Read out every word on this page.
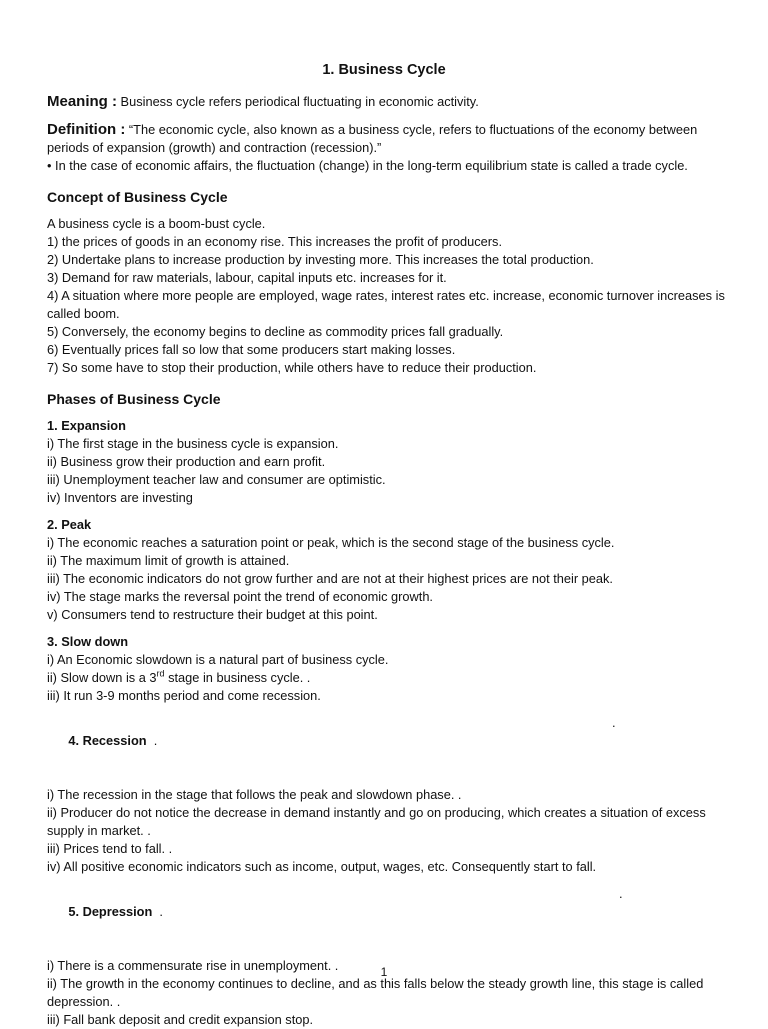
1. Business Cycle
Meaning : Business cycle refers periodical fluctuating in economic activity.
Definition : “The economic cycle, also known as a business cycle, refers to fluctuations of the economy between periods of expansion (growth) and contraction (recession).”
• In the case of economic affairs, the fluctuation (change) in the long-term equilibrium state is called a trade cycle.
Concept of Business Cycle
A business cycle is a boom-bust cycle.
1) the prices of goods in an economy rise. This increases the profit of producers.
2) Undertake plans to increase production by investing more. This increases the total production.
3) Demand for raw materials, labour, capital inputs etc. increases for it.
4) A situation where more people are employed, wage rates, interest rates etc. increase, economic turnover increases is called boom.
5) Conversely, the economy begins to decline as commodity prices fall gradually.
6) Eventually prices fall so low that some producers start making losses.
7) So some have to stop their production, while others have to reduce their production.
Phases of Business Cycle
1. Expansion
i) The first stage in the business cycle is expansion.
ii) Business grow their production and earn profit.
iii) Unemployment teacher law and consumer are optimistic.
iv) Inventors are investing
2. Peak
i) The economic reaches a saturation point or peak, which is the second stage of the business cycle.
ii) The maximum limit of growth is attained.
iii) The economic indicators do not grow further and are not at their highest prices are not their peak.
iv) The stage marks the reversal point the trend of economic growth.
v) Consumers tend to restructure their budget at this point.
3. Slow down
i) An Economic slowdown is a natural part of business cycle.
ii) Slow down is a 3rd stage in business cycle. .
iii) It run 3-9 months period and come recession.

4. Recession  .

.

i) The recession in the stage that follows the peak and slowdown phase. .
ii) Producer do not notice the decrease in demand instantly and go on producing, which creates a situation of excess supply in market. .
iii) Prices tend to fall. .
iv) All positive economic indicators such as income, output, wages, etc. Consequently start to fall.

5. Depression  .

.

i) There is a commensurate rise in unemployment. .
ii) The growth in the economy continues to decline, and as this falls below the steady growth line, this stage is called depression. .
iii) Fall bank deposit and credit expansion stop.
1
